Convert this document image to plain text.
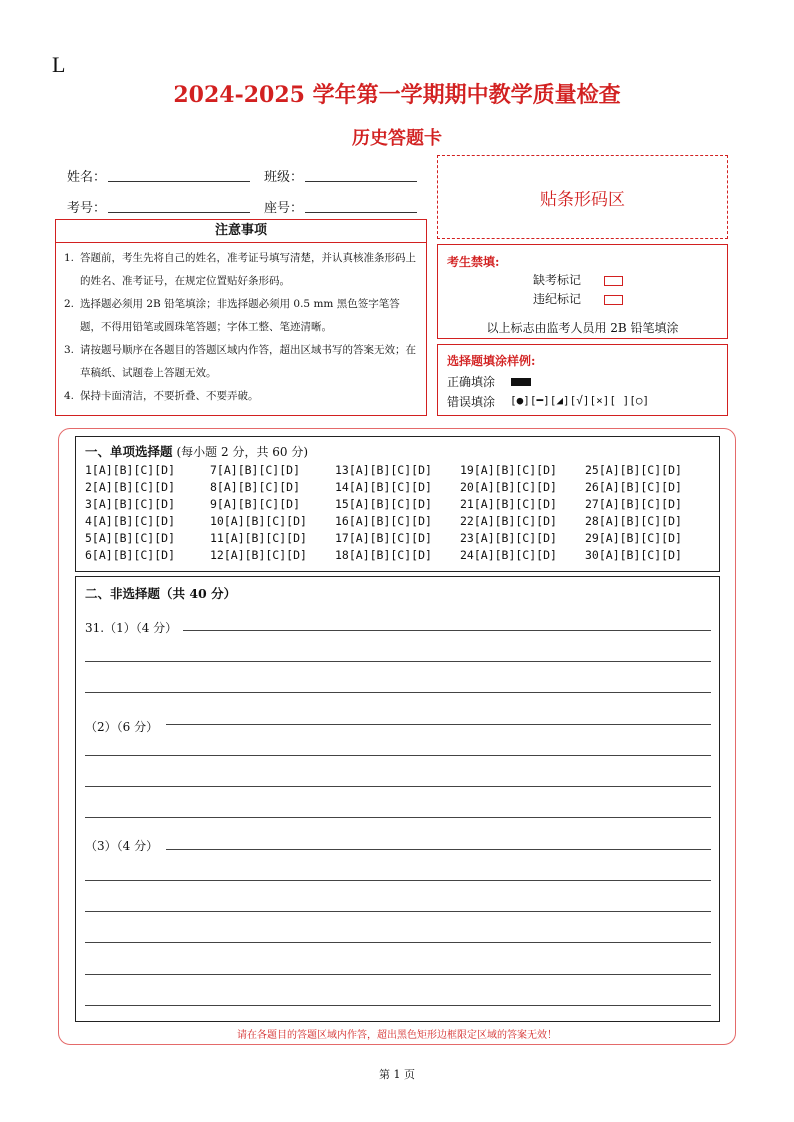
L
2024-2025 学年第一学期期中教学质量检查
历史答题卡
姓名：	班级：
考号：	座号：	贴条形码区
注意事项
1. 答题前，考生先将自己的姓名，准考证号填写清楚，并认真核准条形码上的姓名、准考证号，在规定位置贴好条形码。
2. 选择题必须用 2B 铅笔填涂；非选择题必须用 0.5 mm 黑色签字笔答题，不得用铅笔或圆珠笔答题；字体工整、笔迹清晰。
3. 请按题号顺序在各题目的答题区域内作答，超出区域书写的答案无效；在草稿纸、试题卷上答题无效。
4. 保持卡面清洁，不要折叠、不要弄破。
考生禁填:
缺考标记
违纪标记
以上标志由监考人员用 2B 铅笔填涂
选择题填涂样例:
正确填涂
错误填涂 [●][━][◢][√][×][ ][○]
一、单项选择题 (每小题 2 分，共 60 分)
1[A][B][C][D]	7[A][B][C][D]	13[A][B][C][D]	19[A][B][C][D]	25[A][B][C][D]
2[A][B][C][D]	8[A][B][C][D]	14[A][B][C][D]	20[A][B][C][D]	26[A][B][C][D]
3[A][B][C][D]	9[A][B][C][D]	15[A][B][C][D]	21[A][B][C][D]	27[A][B][C][D]
4[A][B][C][D]	10[A][B][C][D]	16[A][B][C][D]	22[A][B][C][D]	28[A][B][C][D]
5[A][B][C][D]	11[A][B][C][D]	17[A][B][C][D]	23[A][B][C][D]	29[A][B][C][D]
6[A][B][C][D]	12[A][B][C][D]	18[A][B][C][D]	24[A][B][C][D]	30[A][B][C][D]
二、非选择题（共 40 分）
31.（1）（4 分）
（2）（6 分）
（3）（4 分）
请在各题目的答题区域内作答，超出黑色矩形边框限定区域的答案无效！
第 1 页
